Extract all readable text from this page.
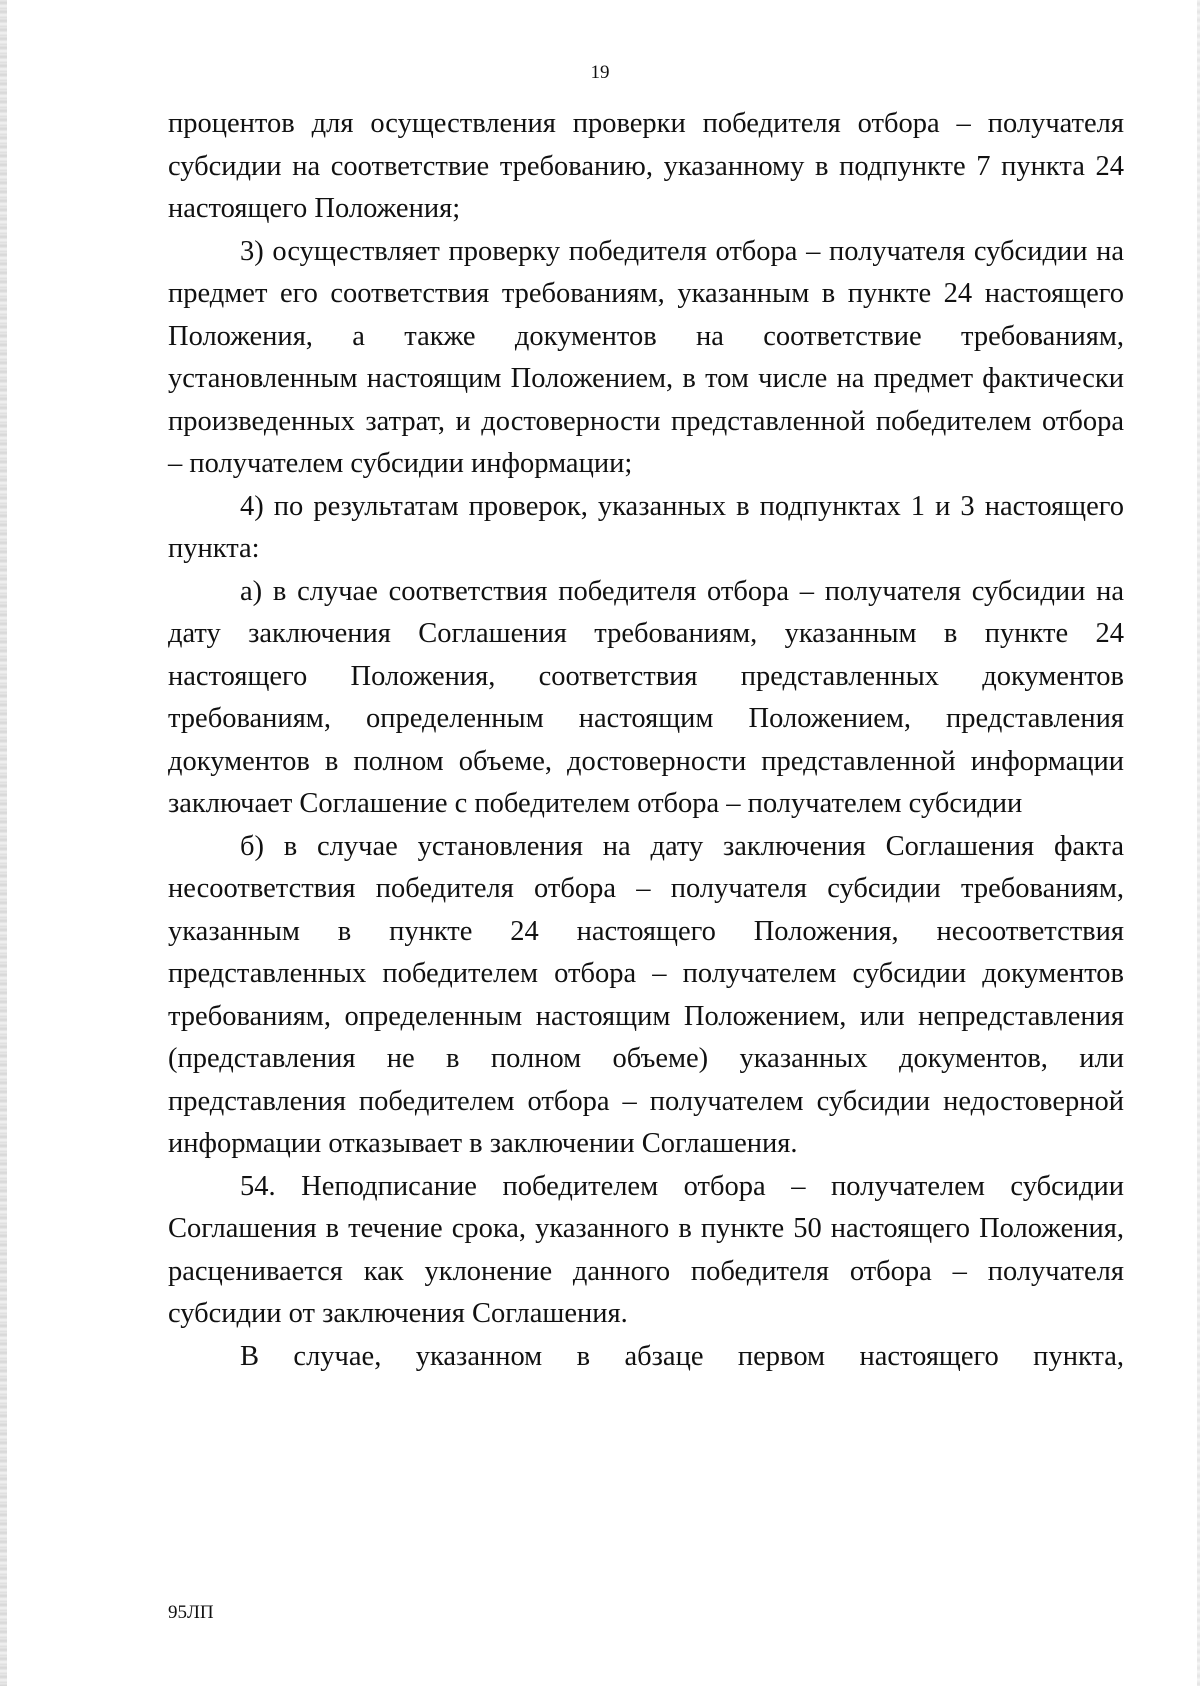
19

процентов для осуществления проверки победителя отбора – получателя субсидии на соответствие требованию, указанному в подпункте 7 пункта 24 настоящего Положения;

3) осуществляет проверку победителя отбора – получателя субсидии на предмет его соответствия требованиям, указанным в пункте 24 настоящего Положения, а также документов на соответствие требованиям, установленным настоящим Положением, в том числе на предмет фактически произведенных затрат, и достоверности представленной победителем отбора – получателем субсидии информации;

4) по результатам проверок, указанных в подпунктах 1 и 3 настоящего пункта:

а) в случае соответствия победителя отбора – получателя субсидии на дату заключения Соглашения требованиям, указанным в пункте 24 настоящего Положения, соответствия представленных документов требованиям, определенным настоящим Положением, представления документов в полном объеме, достоверности представленной информации заключает Соглашение с победителем отбора – получателем субсидии

б) в случае установления на дату заключения Соглашения факта несоответствия победителя отбора – получателя субсидии требованиям, указанным в пункте 24 настоящего Положения, несоответствия представленных победителем отбора – получателем субсидии документов требованиям, определенным настоящим Положением, или непредставления (представления не в полном объеме) указанных документов, или представления победителем отбора – получателем субсидии недостоверной информации отказывает в заключении Соглашения.

54. Неподписание победителем отбора – получателем субсидии Соглашения в течение срока, указанного в пункте 50 настоящего Положения, расценивается как уклонение данного победителя отбора – получателя субсидии от заключения Соглашения.

В случае, указанном в абзаце первом настоящего пункта,

95ЛП
